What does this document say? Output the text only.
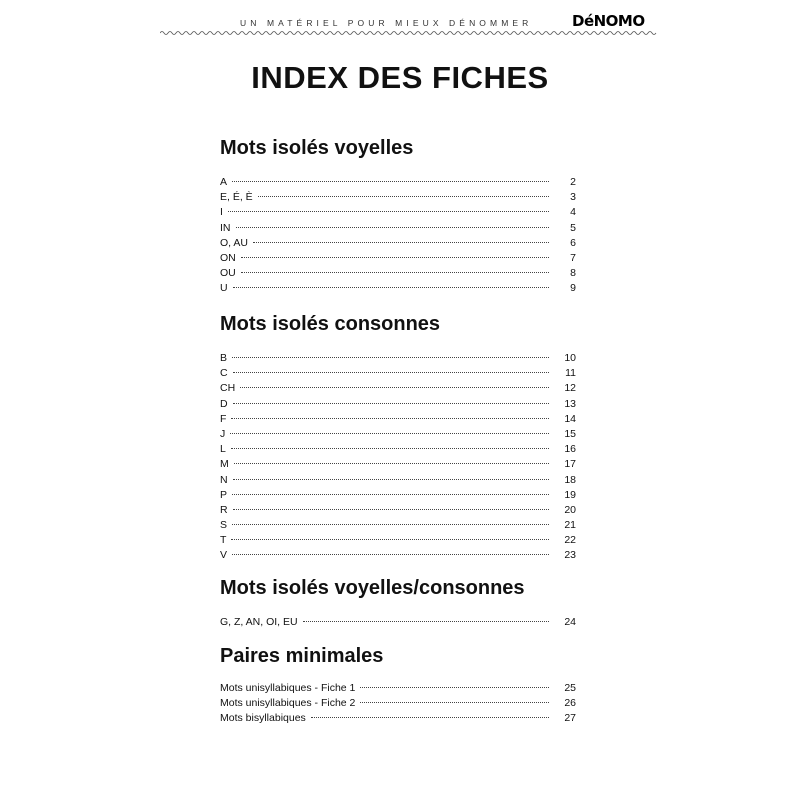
UN MATÉRIEL POUR MIEUX DÉNOMMER	DéNOMO
INDEX DES FICHES
Mots isolés voyelles
A	2
E, É, È	3
I	4
IN	5
O, AU	6
ON	7
OU	8
U	9
Mots isolés consonnes
B	10
C	11
CH	12
D	13
F	14
J	15
L	16
M	17
N	18
P	19
R	20
S	21
T	22
V	23
Mots isolés voyelles/consonnes
G, Z, AN, OI, EU	24
Paires minimales
Mots unisyllabiques - Fiche 1	25
Mots unisyllabiques - Fiche 2	26
Mots bisyllabiques	27
